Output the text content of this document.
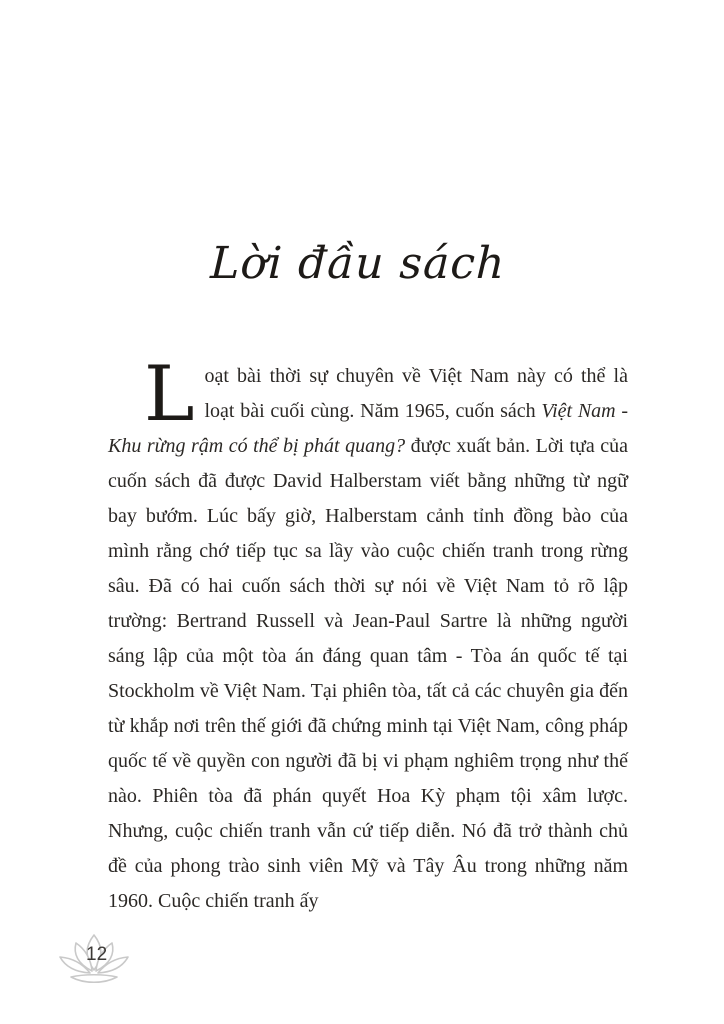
Lời đầu sách
Loạt bài thời sự chuyên về Việt Nam này có thể là loạt bài cuối cùng. Năm 1965, cuốn sách Việt Nam - Khu rừng rậm có thể bị phát quang? được xuất bản. Lời tựa của cuốn sách đã được David Halberstam viết bằng những từ ngữ bay bướm. Lúc bấy giờ, Halberstam cảnh tỉnh đồng bào của mình rằng chớ tiếp tục sa lầy vào cuộc chiến tranh trong rừng sâu. Đã có hai cuốn sách thời sự nói về Việt Nam tỏ rõ lập trường: Bertrand Russell và Jean-Paul Sartre là những người sáng lập của một tòa án đáng quan tâm - Tòa án quốc tế tại Stockholm về Việt Nam. Tại phiên tòa, tất cả các chuyên gia đến từ khắp nơi trên thế giới đã chứng minh tại Việt Nam, công pháp quốc tế về quyền con người đã bị vi phạm nghiêm trọng như thế nào. Phiên tòa đã phán quyết Hoa Kỳ phạm tội xâm lược. Nhưng, cuộc chiến tranh vẫn cứ tiếp diễn. Nó đã trở thành chủ đề của phong trào sinh viên Mỹ và Tây Âu trong những năm 1960. Cuộc chiến tranh ấy
12
